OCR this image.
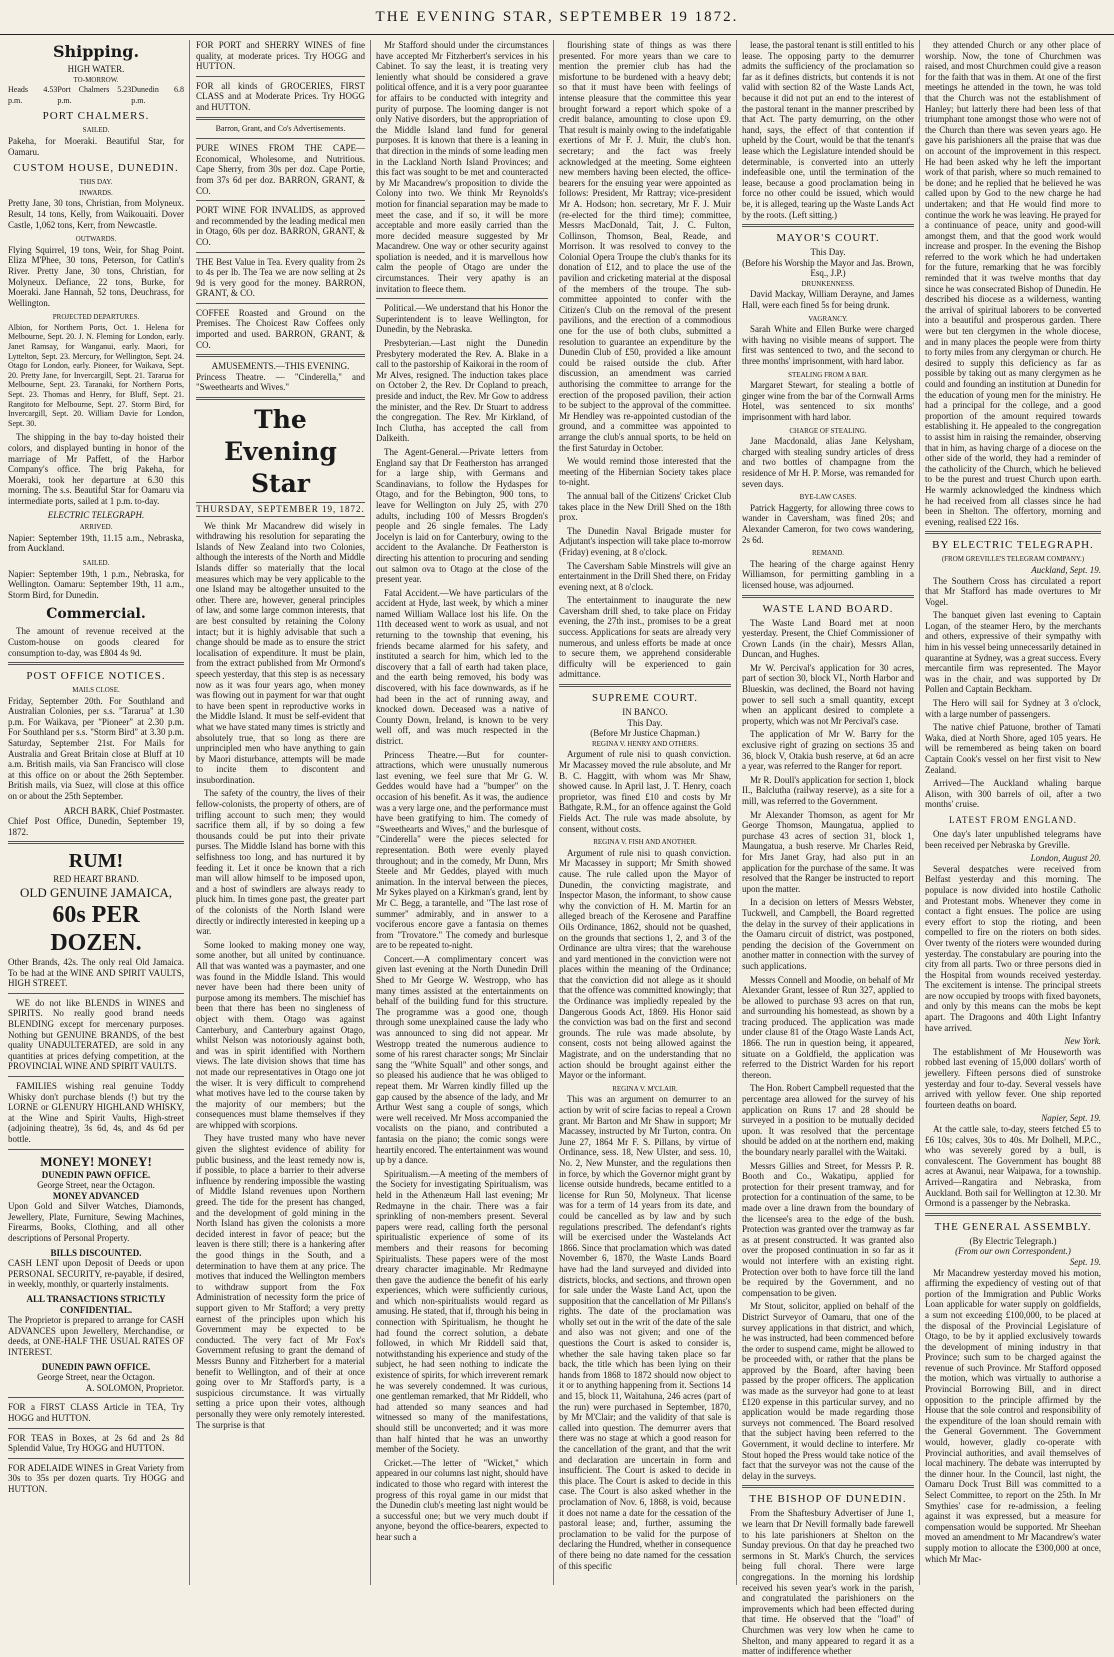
THE EVENING STAR, SEPTEMBER 19 1872.
Shipping.
HIGH WATER.
TO-MORROW.
Heads 4.53 p.m.
Port Chalmers 5.23 p.m.
Dunedin 6.8 p.m.
PORT CHALMERS.
SAILED.
Pakeha, for Moeraki. Beautiful Star, for Oamaru.
CUSTOM HOUSE, DUNEDIN.
THIS DAY.
INWARDS.
Pretty Jane, 30 tons, Christian, from Molyneux. Result, 14 tons, Kelly, from Waikouaiti. Dover Castle, 1,062 tons, Kerr, from Newcastle.
OUTWARDS.
Flying Squirrel, 19 tons, Weir, for Shag Point. Eliza M'Phee, 30 tons, Peterson, for Catlin's River. Pretty Jane, 30 tons, Christian, for Molyneux. Defiance, 22 tons, Burke, for Moeraki. Jane Hannah, 52 tons, Deuchrass, for Wellington.
PROJECTED DEPARTURES.
Albion, for Northern Ports, Oct. 1. Helena for Melbourne, Sept. 20. J. N. Fleming for London, early. Janet Ramsay, for Wanganui, early. Maori, for Lyttelton, Sept. 23. Mercury, for Wellington, Sept. 24. Otago for London, early. Pioneer, for Waikava, Sept. 20. Pretty Jane, for Invercargill, Sept. 21. Tararua for Melbourne, Sept. 23. Taranaki, for Northern Ports, Sept. 23. Thomas and Henry, for Bluff, Sept. 21. Rangitoto for Melbourne, Sept. 27. Storm Bird, for Invercargill, Sept. 20. William Davie for London, Sept. 30.
The shipping in the bay to-day hoisted their colors, and displayed bunting in honor of the marriage of Mr Paffett, of the Harbor Company's office. The brig Pakeha, for Moeraki, took her departure at 6.30 this morning. The s.s. Beautiful Star for Oamaru via intermediate ports, sailed at 1 p.m. to-day.
ELECTRIC TELEGRAPH.
ARRIVED.
Napier: September 19th, 11.15 a.m., Nebraska, from Auckland.
SAILED.
Napier: September 19th, 1 p.m., Nebraska, for Wellington. Oamaru: September 19th, 11 a.m., Storm Bird, for Dunedin.
Commercial.
The amount of revenue received at the Custom-house on goods cleared for consumption to-day, was £804 4s 9d.
POST OFFICE NOTICES.
MAILS CLOSE.
Friday, September 20th. For Southland and Australian Colonies, per s.s. "Tararua" at 1.30 p.m. For Waikava, per "Pioneer" at 2.30 p.m. For Southland per s.s. "Storm Bird" at 3.30 p.m. Saturday, September 21st. For Mails for Australia and Great Britain close at Bluff at 10 a.m. British mails, via San Francisco will close at this office on or about the 26th September. British mails, via Suez, will close at this office on or about the 25th September.
ARCH BARK, Chief Postmaster.
Chief Post Office, Dunedin, September 19, 1872.
RUM!
RED HEART BRAND.
OLD GENUINE JAMAICA,
60s PER DOZEN.
Other Brands, 42s. The only real Old Jamaica. To be had at the WINE AND SPIRIT VAULTS, HIGH STREET.
WE do not like BLENDS in WINES and SPIRITS. No really good brand needs BLENDING except for mercenary purposes. Nothing but GENUINE BRANDS, of the best quality UNADULTERATED, are sold in any quantities at prices defying competition, at the PROVINCIAL WINE AND SPIRIT VAULTS.
FAMILIES wishing real genuine Toddy Whisky don't purchase blends (!) but try the LORNE or GLENURY HIGHLAND WHISKY, at the Wine and Spirit Vaults, High-street (adjoining theatre), 3s 6d, 4s, and 4s 6d per bottle.
MONEY! MONEY!
DUNEDIN PAWN OFFICE.
George Street, near the Octagon.
MONEY ADVANCED
Upon Gold and Silver Watches, Diamonds, Jewellery, Plate, Furniture, Sewing Machines, Firearms, Books, Clothing, and all other descriptions of Personal Property.
BILLS DISCOUNTED.
CASH LENT upon Deposit of Deeds or upon PERSONAL SECURITY, re-payable, if desired, in weekly, monthly, or quarterly instalments.
ALL TRANSACTIONS STRICTLY CONFIDENTIAL.
The Proprietor is prepared to arrange for CASH ADVANCES upon Jewellery, Merchandise, or deeds, at ONE-HALF THE USUAL RATES OF INTEREST.
DUNEDIN PAWN OFFICE.
George Street, near the Octagon.
A. SOLOMON, Proprietor.
FOR a FIRST CLASS Article in TEA, Try HOGG and HUTTON.
FOR TEAS in Boxes, at 2s 6d and 2s 8d Splendid Value, Try HOGG and HUTTON.
FOR ADELAIDE WINES in Great Variety from 30s to 35s per dozen quarts. Try HOGG and HUTTON.
FOR PORT and SHERRY WINES of fine quality, at moderate prices. Try HOGG and HUTTON.
FOR all kinds of GROCERIES, FIRST CLASS and at Moderate Prices. Try HOGG and HUTTON.
Barron, Grant, and Co's Advertisements.
PURE WINES FROM THE CAPE— Economical, Wholesome, and Nutritious. Cape Sherry, from 30s per doz. Cape Portie, from 37s 6d per doz. BARRON, GRANT, & CO.
PORT WINE FOR INVALIDS, as approved and recommended by the leading medical men in Otago, 60s per doz. BARRON, GRANT, & CO.
THE Best Value in Tea. Every quality from 2s to 4s per lb. The Tea we are now selling at 2s 9d is very good for the money. BARRON, GRANT, & CO.
COFFEE Roasted and Ground on the Premises. The Choicest Raw Coffees only imported and used. BARRON, GRANT, & CO.
AMUSEMENTS.—THIS EVENING.
Princess Theatre. — "Cinderella," and "Sweethearts and Wives."
The Evening Star
THURSDAY, SEPTEMBER 19, 1872.
We think Mr Macandrew did wisely in withdrawing his resolution for separating the Islands of New Zealand into two Colonies, although the interests of the North and Middle Islands differ so materially that the local measures which may be very applicable to the one Island may be altogether unsuited to the other. There are, however, general principles of law, and some large common interests, that are best consulted by retaining the Colony intact; but it is highly advisable that such a change should be made as to ensure the strict localisation of expenditure. It must be plain, from the extract published from Mr Ormond's speech yesterday, that this step is as necessary now as it was four years ago, when money was flowing out in payment for war that ought to have been spent in reproductive works in the Middle Island. It must be self-evident that what we have stated many times is strictly and absolutely true, that so long as there are unprincipled men who have anything to gain by Maori disturbance, attempts will be made to incite them to discontent and insubordination.
The safety of the country, the lives of their fellow-colonists, the property of others, are of trifling account to such men; they would sacrifice them all, if by so doing a few thousands could be put into their private purses. The Middle Island has borne with this selfishness too long, and has nurtured it by feeding it. Let it once be known that a rich man will allow himself to be imposed upon, and a host of swindlers are always ready to pluck him. In times gone past, the greater part of the colonists of the North Island were directly or indirectly interested in keeping up a war.
Some looked to making money one way, some another, but all united by continuance. All that was wanted was a paymaster, and one was found in the Middle Island. This would never have been had there been unity of purpose among its members. The mischief has been that there has been no singleness of object with them. Otago was against Canterbury, and Canterbury against Otago, whilst Nelson was notoriously against both, and was in spirit identified with Northern views. The late division shows that time has not made our representatives in Otago one jot the wiser. It is very difficult to comprehend what motives have led to the course taken by the majority of our members; but the consequences must blame themselves if they are whipped with scorpions.
They have trusted many who have never given the slightest evidence of ability for public business, and the least remedy now is, if possible, to place a barrier to their adverse influence by rendering impossible the wasting of Middle Island revenues upon Northern greed. The tide for the present has changed, and the development of gold mining in the North Island has given the colonists a more decided interest in favor of peace; but the leaven is there still; there is a hankering after the good things in the South, and a determination to have them at any price. The motives that induced the Wellington members to withdraw support from the Fox Administration of necessity form the price of support given to Mr Stafford; a very pretty earnest of the principles upon which his Government may be expected to be conducted. The very fact of Mr Fox's Government refusing to grant the demand of Messrs Bunny and Fitzherbert for a material benefit to Wellington, and of their at once going over to Mr Stafford's party, is a suspicious circumstance. It was virtually setting a price upon their votes, although personally they were only remotely interested. The surprise is that
Mr Stafford should under the circumstances have accepted Mr Fitzherbert's services in his Cabinet. To say the least, it is treating very leniently what should be considered a grave political offence, and it is a very poor guarantee for affairs to be conducted with integrity and purity of purpose. The looming danger is not only Native disorders, but the appropriation of the Middle Island land fund for general purposes. It is known that there is a leaning in that direction in the minds of some leading men in the Lackland North Island Provinces; and this fact was sought to be met and counteracted by Mr Macandrew's proposition to divide the Colony into two. We think Mr Reynolds's motion for financial separation may be made to meet the case, and if so, it will be more acceptable and more easily carried than the more decided measure suggested by Mr Macandrew. One way or other security against spoliation is needed, and it is marvellous how calm the people of Otago are under the circumstances. Their very apathy is an invitation to fleece them.
Political.—We understand that his Honor the Superintendent is to leave Wellington, for Dunedin, by the Nebraska.
Presbyterian.—Last night the Dunedin Presbytery moderated the Rev. A. Blake in a call to the pastorship of Kaikorai in the room of Mr Alves, resigned. The induction takes place on October 2, the Rev. Dr Copland to preach, preside and induct, the Rev. Mr Gow to address the minister, and the Rev. Dr Stuart to address the congregation. The Rev. Mr Kirkland, of Inch Clutha, has accepted the call from Dalkeith.
The Agent-General.—Private letters from England say that Dr Featherston has arranged for a large ship, with Germans and Scandinavians, to follow the Hydaspes for Otago, and for the Bebington, 900 tons, to leave for Wellington on July 25, with 270 adults, including 100 of Messrs Brogden's people and 26 single females. The Lady Jocelyn is laid on for Canterbury, owing to the accident to the Avalanche. Dr Featherston is directing his attention to procuring and sending out salmon ova to Otago at the close of the present year.
Fatal Accident.—We have particulars of the accident at Hyde, last week, by which a miner named William Wallace lost his life. On the 11th deceased went to work as usual, and not returning to the township that evening, his friends became alarmed for his safety, and instituted a search for him, which led to the discovery that a fall of earth had taken place, and the earth being removed, his body was discovered, with his face downwards, as if he had been in the act of running away, and knocked down. Deceased was a native of County Down, Ireland, is known to be very well off, and was much respected in the district.
Princess Theatre.—But for counter-attractions, which were unusually numerous last evening, we feel sure that Mr G. W. Geddes would have had a "bumper" on the occasion of his benefit. As it was, the audience was a very large one, and the performance must have been gratifying to him. The comedy of "Sweethearts and Wives," and the burlesque of "Cinderella" were the pieces selected for representation. Both were evenly played throughout; and in the comedy, Mr Dunn, Mrs Steele and Mr Geddes, played with much animation. In the interval between the pieces, Mr Sykes played on a Kirkman's grand, lent by Mr C. Begg, a tarantelle, and "The last rose of summer" admirably, and in answer to a vociferous encore gave a fantasia on themes from "Trovatore." The comedy and burlesque are to be repeated to-night.
Concert.—A complimentary concert was given last evening at the North Dunedin Drill Shed to Mr George W. Westropp, who has many times assisted at the entertainments on behalf of the building fund for this structure. The programme was a good one, though through some unexplained cause the lady who was announced to sing did not appear. Mr Westropp treated the numerous audience to some of his rarest character songs; Mr Sinclair sang the "White Squall" and other songs, and so pleased his audience that he was obliged to repeat them. Mr Warren kindly filled up the gap caused by the absence of the lady, and Mr Arthur West sang a couple of songs, which were well received. Mr Moss accompanied the vocalists on the piano, and contributed a fantasia on the piano; the comic songs were heartily encored. The entertainment was wound up by a dance.
Spiritualism.—A meeting of the members of the Society for investigating Spiritualism, was held in the Athenæum Hall last evening; Mr Redmayne in the chair. There was a fair sprinkling of non-members present. Several papers were read, calling forth the personal spiritualistic experience of some of its members and their reasons for becoming Spiritualists. These papers were of the most dreary character imaginable. Mr Redmayne then gave the audience the benefit of his early experiences, which were sufficiently curious, and which non-spiritualists would regard as amusing. He stated, that if, through his being in connection with Spiritualism, he thought he had found the correct solution, a debate followed, in which Mr Riddell said that, notwithstanding his experience and study of the subject, he had seen nothing to indicate the existence of spirits, for which irreverent remark he was severely condemned. It was curious, one gentleman remarked, that Mr Riddell, who had attended so many seances and had witnessed so many of the manifestations, should still be unconverted; and it was more than half hinted that he was an unworthy member of the Society.
Cricket.—The letter of "Wicket," which appeared in our columns last night, should have indicated to those who regard with interest the progress of this royal game in our midst that the Dunedin club's meeting last night would be a successful one; but we very much doubt if anyone, beyond the office-bearers, expected to hear such a
flourishing state of things as was there presented. For more years than we care to mention the premier club has had the misfortune to be burdened with a heavy debt; so that it must have been with feelings of intense pleasure that the committee this year brought forward a report which spoke of a credit balance, amounting to close upon £9. That result is mainly owing to the indefatigable exertions of Mr F. J. Muir, the club's hon. secretary; and the fact was freely acknowledged at the meeting. Some eighteen new members having been elected, the office-bearers for the ensuing year were appointed as follows: President, Mr Rattray; vice-president Mr A. Hodson; hon. secretary, Mr F. J. Muir (re-elected for the third time); committee, Messrs MacDonald, Tait, J. C. Fulton, Collinson, Thomson, Beal, Reade, and Morrison. It was resolved to convey to the Colonial Opera Troupe the club's thanks for its donation of £12, and to place the use of the pavilion and cricketing material at the disposal of the members of the troupe. The sub-committee appointed to confer with the Citizen's Club on the removal of the present pavilions, and the erection of a commodious one for the use of both clubs, submitted a resolution to guarantee an expenditure by the Dunedin Club of £50, provided a like amount could be raised outside the club. After discussion, an amendment was carried authorising the committee to arrange for the erection of the proposed pavilion, their action to be subject to the approval of the committee. Mr Hendley was re-appointed custodian of the ground, and a committee was appointed to arrange the club's annual sports, to be held on the first Saturday in October.
We would remind those interested that the meeting of the Hibernian Society takes place to-night.
The annual ball of the Citizens' Cricket Club takes place in the New Drill Shed on the 18th prox.
The Dunedin Naval Brigade muster for Adjutant's inspection will take place to-morrow (Friday) evening, at 8 o'clock.
The Caversham Sable Minstrels will give an entertainment in the Drill Shed there, on Friday evening next, at 8 o'clock.
The entertainment to inaugurate the new Caversham drill shed, to take place on Friday evening, the 27th inst., promises to be a great success. Applications for seats are already very numerous, and unless efforts be made at once to secure them, we apprehend considerable difficulty will be experienced to gain admittance.
SUPREME COURT.
IN BANCO.
This Day.
(Before Mr Justice Chapman.)
REGINA V. HENRY AND OTHERS.
Argument of rule nisi to quash conviction. Mr Macassey moved the rule absolute, and Mr B. C. Haggitt, with whom was Mr Shaw, showed cause. In April last, J. T. Henry, coach proprietor, was fined £10 and costs by Mr Bathgate, R.M., for an offence against the Gold Fields Act. The rule was made absolute, by consent, without costs.
REGINA V. FISH AND ANOTHER.
Argument of rule nisi to quash conviction. Mr Macassey in support; Mr Smith showed cause. The rule called upon the Mayor of Dunedin, the convicting magistrate, and Inspector Mason, the informant, to show cause why the conviction of H. M. Martin for an alleged breach of the Kerosene and Paraffine Oils Ordinance, 1862, should not be quashed, on the grounds that sections 1, 2, and 3 of the Ordinance are ultra vires; that the warehouse and yard mentioned in the conviction were not places within the meaning of the Ordinance; that the conviction did not allege as it should that the offence was committed knowingly; that the Ordinance was impliedly repealed by the Dangerous Goods Act, 1869. His Honor said the conviction was bad on the first and second grounds. The rule was made absolute, by consent, costs not being allowed against the Magistrate, and on the understanding that no action should be brought against either the Mayor or the informant.
REGINA V. M'CLAIR.
This was an argument on demurrer to an action by writ of scire facias to repeal a Crown grant. Mr Barton and Mr Shaw in support; Mr Macassey, instructed by Mr Turton, contra. On June 27, 1864 Mr F. S. Pillans, by virtue of Ordinance, sess. 18, New Ulster, and sess. 10, No. 2, New Munster, and the regulations then in force, by which the Governor might grant by license outside hundreds, became entitled to a license for Run 50, Molyneux. That license was for a term of 14 years from its date, and could be cancelled as by law and by such regulations prescribed. The defendant's rights will be exercised under the Wastelands Act 1866. Since that proclamation which was dated November 6, 1870, the Waste Lands Board have had the land surveyed and divided into districts, blocks, and sections, and thrown open for sale under the Waste Land Act, upon the supposition that the cancellation of Mr Pillans's rights. The date of the proclamation was wholly set out in the writ of the date of the sale and also was not given; and one of the questions the Court is asked to consider is, whether the sale having taken place so far back, the title which has been lying on their hands from 1868 to 1872 should now object to it or to anything happening from it. Sections 14 and 15, block 11, Waitahuna, 246 acres (part of the run) were purchased in September, 1870, by Mr M'Clair; and the validity of that sale is called into question. The demurrer avers that there was no stage at which a good reason for the cancellation of the grant, and that the writ and declaration are uncertain in form and insufficient. The Court is asked to decide in this place. The Court is asked to decide in this case. The Court is also asked whether in the proclamation of Nov. 6, 1868, is void, because it does not name a date for the cessation of the pastoral lease; and, further, assuming the proclamation to be valid for the purpose of declaring the Hundred, whether in consequence of there being no date named for the cessation of this specific
lease, the pastoral tenant is still entitled to his lease. The opposing party to the demurrer admits the sufficiency of the proclamation so far as it defines districts, but contends it is not valid with section 82 of the Waste Lands Act, because it did not put an end to the interest of the pastoral tenant in the manner prescribed by that Act. The party demurring, on the other hand, says, the effect of that contention if upheld by the Court, would be that the tenant's lease which the Legislature intended should be determinable, is converted into an utterly indefeasible one, until the termination of the lease, because a good proclamation being in force no other could be issued, which would be, it is alleged, tearing up the Waste Lands Act by the roots. (Left sitting.)
MAYOR'S COURT.
This Day.
(Before his Worship the Mayor and Jas. Brown, Esq., J.P.)
DRUNKENNESS.
David Mackay, William Derayne, and James Hall, were each fined 5s for being drunk.
VAGRANCY.
Sarah White and Ellen Burke were charged with having no visible means of support. The first was sentenced to two, and the second to three months' imprisonment, with hard labor.
STEALING FROM A BAR.
Margaret Stewart, for stealing a bottle of ginger wine from the bar of the Cornwall Arms Hotel, was sentenced to six months' imprisonment with hard labor.
CHARGE OF STEALING.
Jane Macdonald, alias Jane Kelysham, charged with stealing sundry articles of dress and two bottles of champagne from the residence of Mr H. P. Morse, was remanded for seven days.
BYE-LAW CASES.
Patrick Haggerty, for allowing three cows to wander in Caversham, was fined 20s; and Alexander Cameron, for two cows wandering, 2s 6d.
REMAND.
The hearing of the charge against Henry Williamson, for permitting gambling in a licensed house, was adjourned.
WASTE LAND BOARD.
The Waste Land Board met at noon yesterday. Present, the Chief Commissioner of Crown Lands (in the chair), Messrs Allan, Duncan, and Hughes.
Mr W. Percival's application for 30 acres, part of section 30, block VI., North Harbor and Blueskin, was declined, the Board not having power to sell such a small quantity, except when an applicant desired to complete a property, which was not Mr Percival's case.
The application of Mr W. Barry for the exclusive right of grazing on sections 35 and 36, block V, Otakia bush reserve, at 6d an acre a year, was referred to the Ranger for report.
Mr R. Doull's application for section 1, block II., Balclutha (railway reserve), as a site for a mill, was referred to the Government.
Mr Alexander Thomson, as agent for Mr George Thomson, Maungatua, applied to purchase 43 acres of section 31, block 1, Maungatua, a bush reserve. Mr Charles Reid, for Mrs Janet Gray, had also put in an application for the purchase of the same. It was resolved that the Ranger be instructed to report upon the matter.
In a decision on letters of Messrs Webster, Tuckwell, and Campbell, the Board regretted the delay in the survey of their applications in the Oamaru circuit of district, was postponed, pending the decision of the Government on another matter in connection with the survey of such applications.
Messrs Connell and Moodie, on behalf of Mr Alexander Grant, lessee of Run 327, applied to be allowed to purchase 93 acres on that run, and surrounding his homestead, as shown by a tracing produced. The application was made under clause 81 of the Otago Waste Lands Act, 1866. The run in question being, it appeared, situate on a Goldfield, the application was referred to the District Warden for his report thereon.
The Hon. Robert Campbell requested that the percentage area allowed for the survey of his application on Runs 17 and 28 should be surveyed in a position to be mutually decided upon. It was resolved that the percentage should be added on at the northern end, making the boundary nearly parallel with the Waitaki.
Messrs Gillies and Street, for Messrs P. R. Booth and Co., Wakatipu, applied for protection for their present tramway, and for protection for a continuation of the same, to be made over a line drawn from the boundary of the licensee's area to the edge of the bush. Protection was granted over the tramway as far as at present constructed. It was granted also over the proposed continuation in so far as it would not interfere with an existing right. Protection over both to have force till the land be required by the Government, and no compensation to be given.
Mr Stout, solicitor, applied on behalf of the District Surveyor of Oamaru, that one of the survey applications in that district, and which, he was instructed, had been commenced before the order to suspend came, might be allowed to be proceeded with, or rather that the plans be approved by the Board, after having been passed by the proper officers. The application was made as the surveyor had gone to at least £120 expense in this particular survey, and no application would be made regarding those surveys not commenced. The Board resolved that the subject having been referred to the Government, it would decline to interfere. Mr Stout hoped the Press would take notice of the fact that the surveyor was not the cause of the delay in the surveys.
THE BISHOP OF DUNEDIN.
From the Shaftesbury Advertiser of June 1, we learn that Dr Nevill formally bade farewell to his late parishioners at Shelton on the Sunday previous. On that day he preached two sermons in St. Mark's Church, the services being full choral. There were large congregations. In the morning his lordship received his seven year's work in the parish, and congratulated the parishioners on the improvements which had been effected during that time. He observed that the "load" of Churchmen was very low when he came to Shelton, and many appeared to regard it as a matter of indifference whether
they attended Church or any other place of worship. Now, the tone of Churchmen was raised, and most Churchmen could give a reason for the faith that was in them. At one of the first meetings he attended in the town, he was told that the Church was not the establishment of Hanley; but latterly there had been less of that triumphant tone amongst those who were not of the Church than there was seven years ago. He gave his parishioners all the praise that was due on account of the improvement in this respect. He had been asked why he left the important work of that parish, where so much remained to be done; and he replied that he believed he was called upon by God to the new charge he had undertaken; and that He would find more to continue the work he was leaving. He prayed for a continuance of peace, unity and good-will amongst them, and that the good work would increase and prosper. In the evening the Bishop referred to the work which he had undertaken for the future, remarking that he was forcibly reminded that it was twelve months that day since he was consecrated Bishop of Dunedin. He described his diocese as a wilderness, wanting the arrival of spiritual laborers to be converted into a beautiful and prosperous garden. There were but ten clergymen in the whole diocese, and in many places the people were from thirty to forty miles from any clergyman or church. He desired to supply this deficiency as far as possible by taking out as many clergymen as he could and founding an institution at Dunedin for the education of young men for the ministry. He had a principal for the college, and a good proportion of the amount required towards establishing it. He appealed to the congregation to assist him in raising the remainder, observing that in him, as having charge of a diocese on the other side of the world, they had a reminder of the catholicity of the Church, which he believed to be the purest and truest Church upon earth. He warmly acknowledged the kindness which he had received from all classes since he had been in Shelton. The offertory, morning and evening, realised £22 16s.
BY ELECTRIC TELEGRAPH.
(FROM GREVILLE'S TELEGRAM COMPANY.)
Auckland, Sept. 19.
The Southern Cross has circulated a report that Mr Stafford has made overtures to Mr Vogel.
The banquet given last evening to Captain Logan, of the steamer Hero, by the merchants and others, expressive of their sympathy with him in his vessel being unnecessarily detained in quarantine at Sydney, was a great success. Every mercantile firm was represented. The Mayor was in the chair, and was supported by Dr Pollen and Captain Beckham.
The Hero will sail for Sydney at 3 o'clock, with a large number of passengers.
The native chief Patuone, brother of Tamati Waka, died at North Shore, aged 105 years. He will be remembered as being taken on board Captain Cook's vessel on her first visit to New Zealand.
Arrived—The Auckland whaling barque Alison, with 300 barrels of oil, after a two months' cruise.
LATEST FROM ENGLAND.
One day's later unpublished telegrams have been received per Nebraska by Greville.
London, August 20.
Several despatches were received from Belfast yesterday and this morning. The populace is now divided into hostile Catholic and Protestant mobs. Whenever they come in contact a fight ensues. The police are using every effort to stop the rioting, and been compelled to fire on the rioters on both sides. Over twenty of the rioters were wounded during yesterday. The constabulary are pouring into the city from all parts. Two or three persons died in the Hospital from wounds received yesterday. The excitement is intense. The principal streets are now occupied by troops with fixed bayonets, and only by this means can the mobs be kept apart. The Dragoons and 40th Light Infantry have arrived.
New York.
The establishment of Mr Houseworth was robbed last evening of 15,000 dollars' worth of jewellery. Fifteen persons died of sunstroke yesterday and four to-day. Several vessels have arrived with yellow fever. One ship reported fourteen deaths on board.
Napier, Sept. 19.
At the cattle sale, to-day, steers fetched £5 to £6 10s; calves, 30s to 40s. Mr Dolhell, M.P.C., who was severely gored by a bull, is convalescent. The Government has bought 88 acres at Awanui, near Waipawa, for a township. Arrived—Rangatira and Nebraska, from Auckland. Both sail for Wellington at 12.30. Mr Ormond is a passenger by the Nebraska.
THE GENERAL ASSEMBLY.
(By Electric Telegraph.)
(From our own Correspondent.)
Sept. 19.
Mr Macandrew yesterday moved his motion, affirming the expediency of vesting out of that portion of the Immigration and Public Works Loan applicable for water supply on goldfields, a sum not exceeding £100,000, to be placed at the disposal of the Provincial Legislature of Otago, to be by it applied exclusively towards the development of mining industry in that Province; such sum to be charged against the revenue of such Province. Mr Stafford opposed the motion, which was virtually to authorise a Provincial Borrowing Bill, and in direct opposition to the principle affirmed by the House that the sole control and responsibility of the expenditure of the loan should remain with the General Government. The Government would, however, gladly co-operate with Provincial authorities, and avail themselves of local machinery. The debate was interrupted by the dinner hour. In the Council, last night, the Oamaru Dock Trust Bill was committed to a Select Committee, to report on the 25th. In Mr Smythies' case for re-admission, a feeling against it was expressed, but a measure for compensation would be supported. Mr Sheehan moved an amendment to Mr Macandrew's water supply motion to allocate the £300,000 at once, which Mr Mac-
